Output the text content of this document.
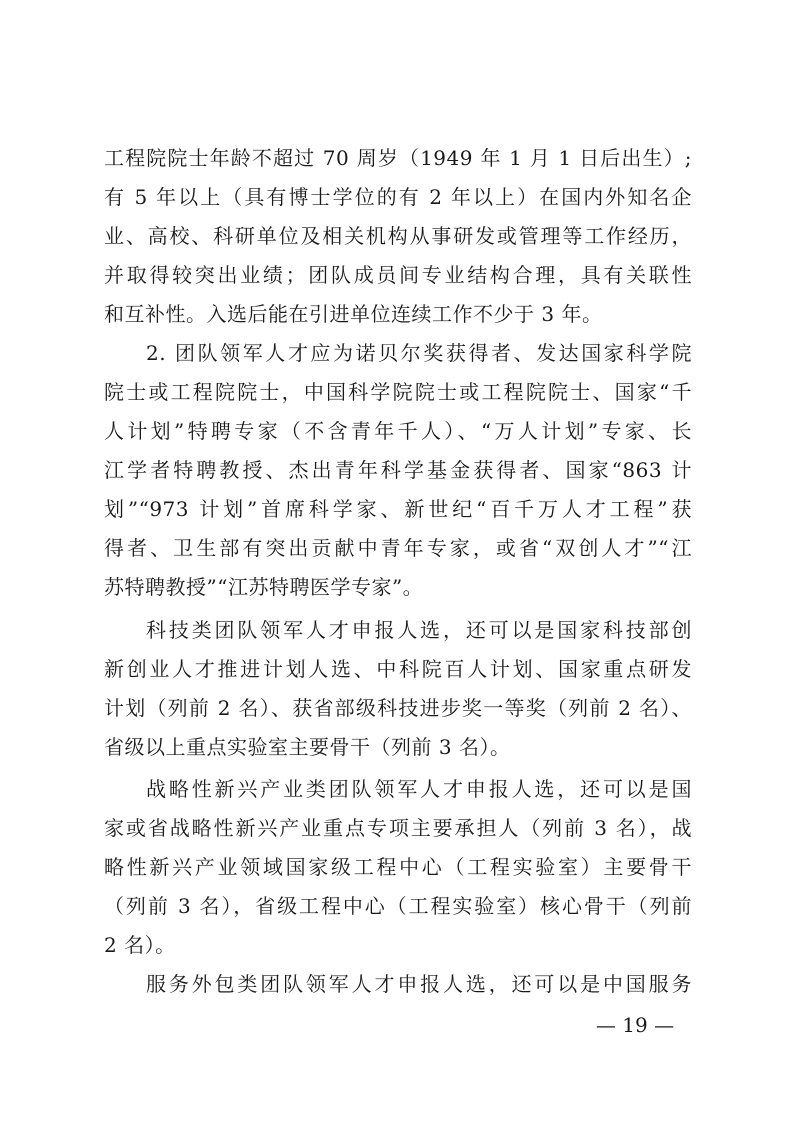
工程院院士年龄不超过 70 周岁（1949 年 1 月 1 日后出生）;
有 5 年以上（具有博士学位的有 2 年以上）在国内外知名企
业、高校、科研单位及相关机构从事研发或管理等工作经历，
并取得较突出业绩；团队成员间专业结构合理，具有关联性
和互补性。入选后能在引进单位连续工作不少于 3 年。
2. 团队领军人才应为诺贝尔奖获得者、发达国家科学院
院士或工程院院士，中国科学院院士或工程院院士、国家“千
人计划”特聘专家（不含青年千人）、“万人计划”专家、长
江学者特聘教授、杰出青年科学基金获得者、国家“863 计
划”“973 计划”首席科学家、新世纪“百千万人才工程”获
得者、卫生部有突出贡献中青年专家，或省“双创人才”“江
苏特聘教授”“江苏特聘医学专家”。
科技类团队领军人才申报人选，还可以是国家科技部创
新创业人才推进计划人选、中科院百人计划、国家重点研发
计划（列前 2 名）、获省部级科技进步奖一等奖（列前 2 名）、
省级以上重点实验室主要骨干（列前 3 名）。
战略性新兴产业类团队领军人才申报人选，还可以是国
家或省战略性新兴产业重点专项主要承担人（列前 3 名），战
略性新兴产业领域国家级工程中心（工程实验室）主要骨干
（列前 3 名），省级工程中心（工程实验室）核心骨干（列前
2 名）。
服务外包类团队领军人才申报人选，还可以是中国服务
— 19 —
